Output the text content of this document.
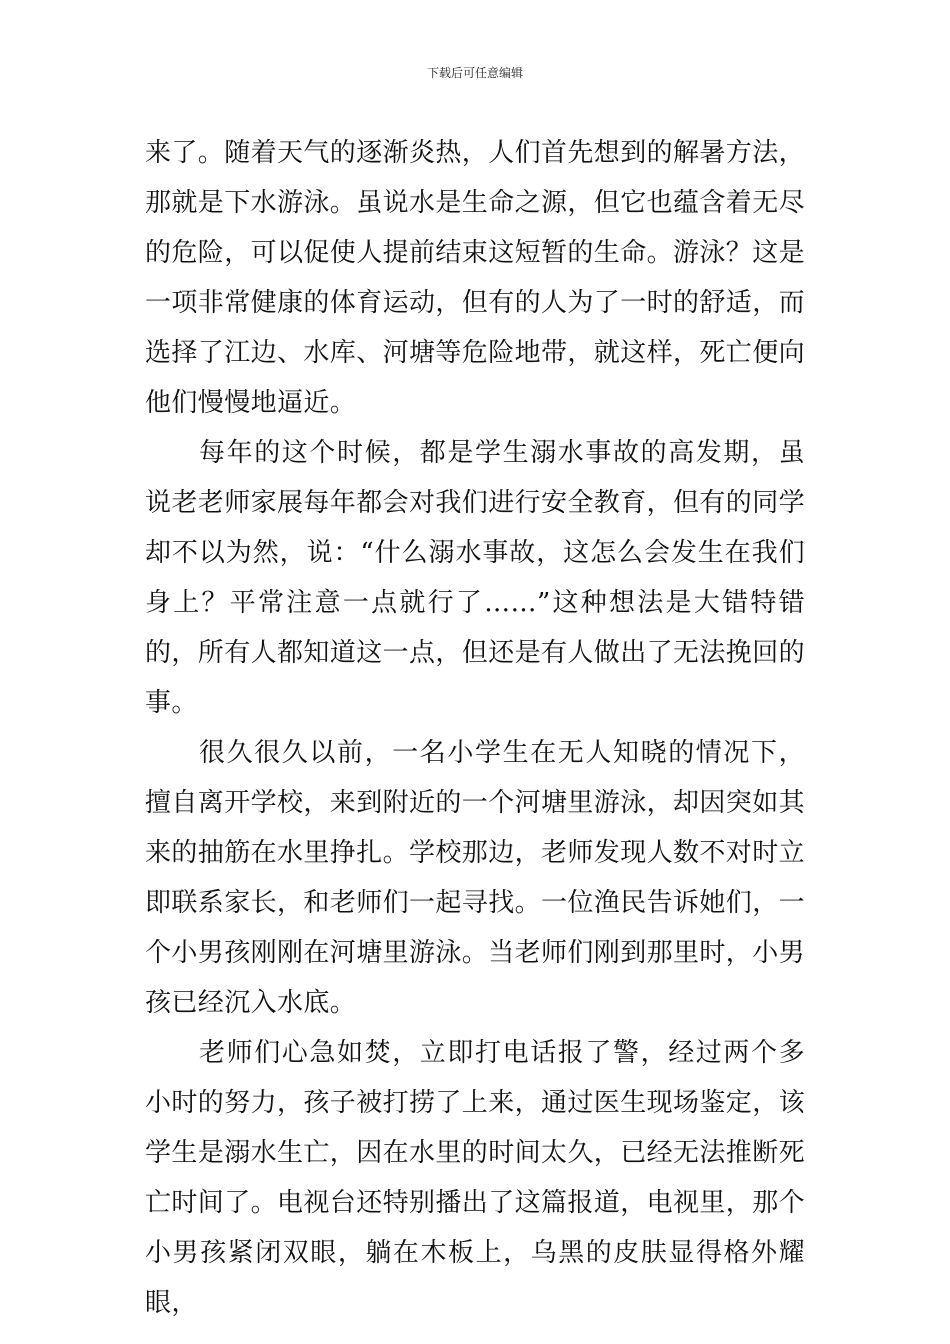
下载后可任意编辑

来了。随着天气的逐渐炎热，人们首先想到的解暑方法，那就是下水游泳。虽说水是生命之源，但它也蕴含着无尽的危险，可以促使人提前结束这短暂的生命。游泳？这是一项非常健康的体育运动，但有的人为了一时的舒适，而选择了江边、水库、河塘等危险地带，就这样，死亡便向他们慢慢地逼近。

每年的这个时候，都是学生溺水事故的高发期，虽说老老师家展每年都会对我们进行安全教育，但有的同学却不以为然，说：“什么溺水事故，这怎么会发生在我们身上？平常注意一点就行了……”这种想法是大错特错的，所有人都知道这一点，但还是有人做出了无法挽回的事。

很久很久以前，一名小学生在无人知晓的情况下，擅自离开学校，来到附近的一个河塘里游泳，却因突如其来的抽筋在水里挣扎。学校那边，老师发现人数不对时立即联系家长，和老师们一起寻找。一位渔民告诉她们，一个小男孩刚刚在河塘里游泳。当老师们刚到那里时，小男孩已经沉入水底。

老师们心急如焚，立即打电话报了警，经过两个多小时的努力，孩子被打捞了上来，通过医生现场鉴定，该学生是溺水生亡，因在水里的时间太久，已经无法推断死亡时间了。电视台还特别播出了这篇报道，电视里，那个小男孩紧闭双眼，躺在木板上，乌黑的皮肤显得格外耀眼，
